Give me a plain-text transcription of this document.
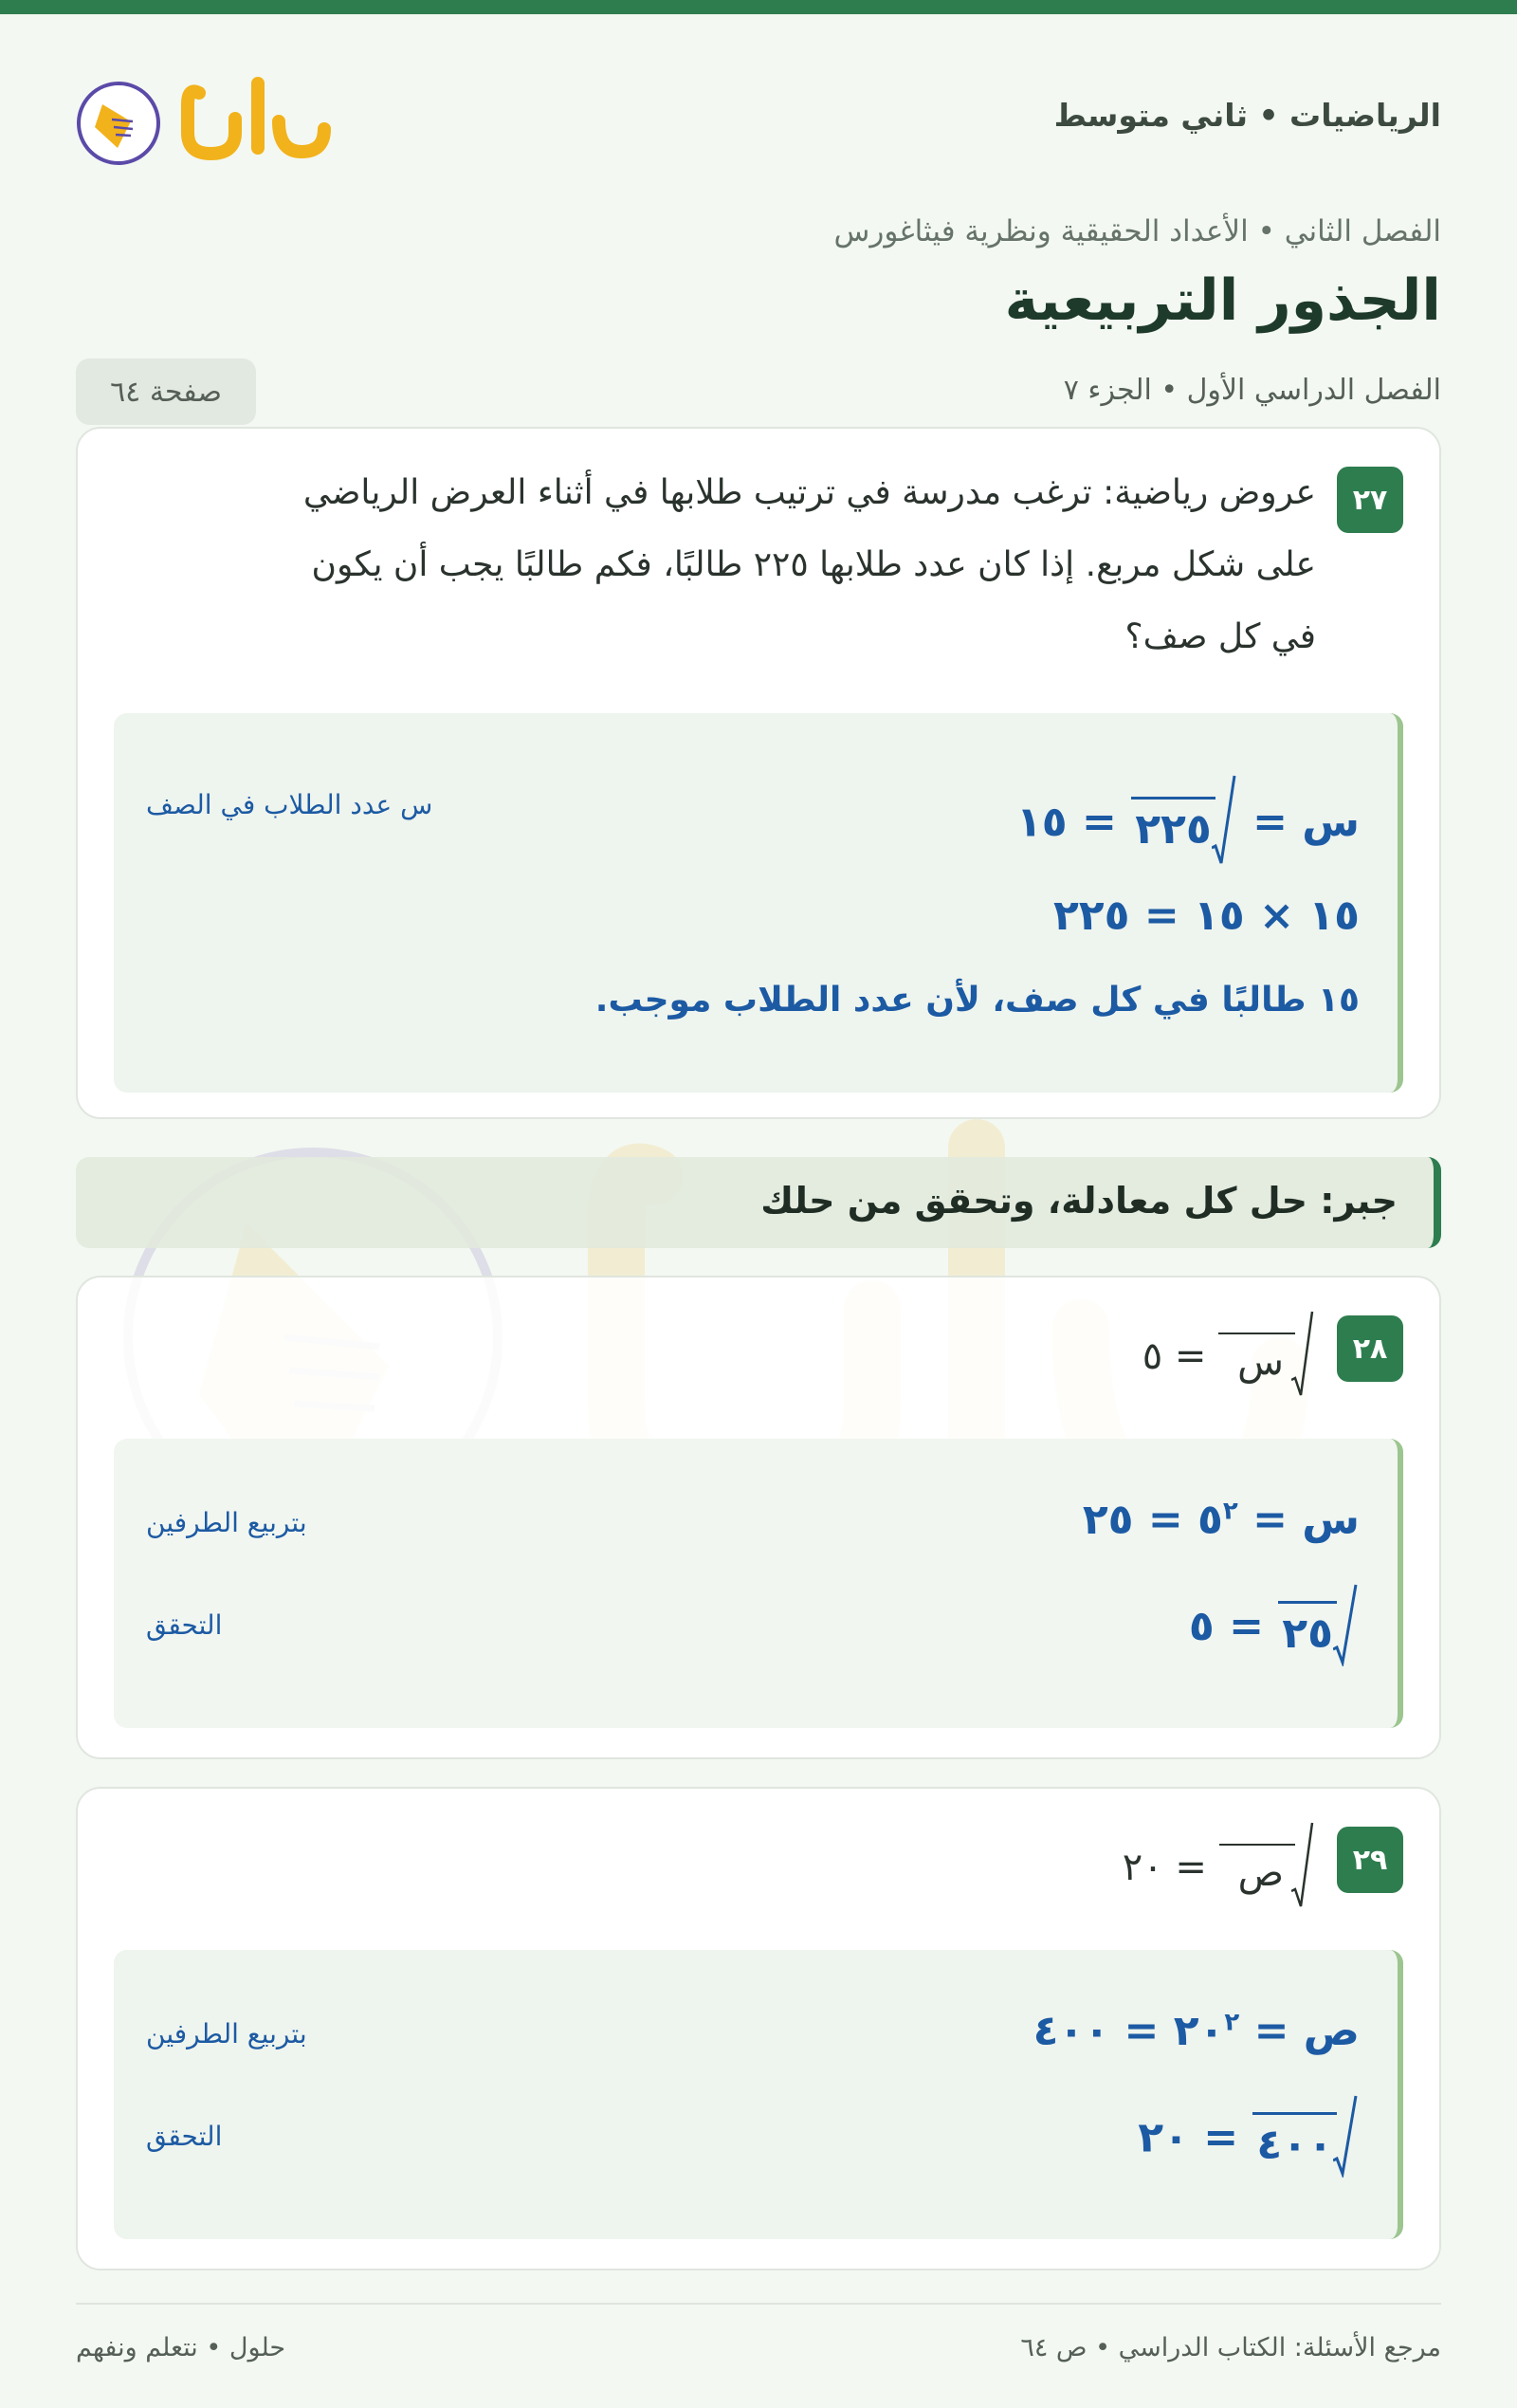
الرياضيات • ثاني متوسط
الفصل الثاني • الأعداد الحقيقية ونظرية فيثاغورس
الجذور التربيعية
الفصل الدراسي الأول • الجزء ٧
صفحة ٦٤
٢٧
عروض رياضية: ترغب مدرسة في ترتيب طلابها في أثناء العرض الرياضي
على شكل مربع. إذا كان عدد طلابها ٢٢٥ طالبًا، فكم طالبًا يجب أن يكون
في كل صف؟
س = ٢٢٥ = ١٥
س عدد الطلاب في الصف
١٥ × ١٥ = ٢٢٥
١٥ طالبًا في كل صف، لأن عدد الطلاب موجب.
جبر: حل كل معادلة، وتحقق من حلك
٢٨
س = ٥
س = $٥^٢$ = ٢٥
بتربيع الطرفين
٢٥ = ٥
التحقق
٢٩
ص = ٢٠
ص = $٢٠^٢$ = ٤٠٠
بتربيع الطرفين
٤٠٠ = ٢٠
التحقق
مرجع الأسئلة: الكتاب الدراسي • ص ٦٤
حلول • نتعلم ونفهم
